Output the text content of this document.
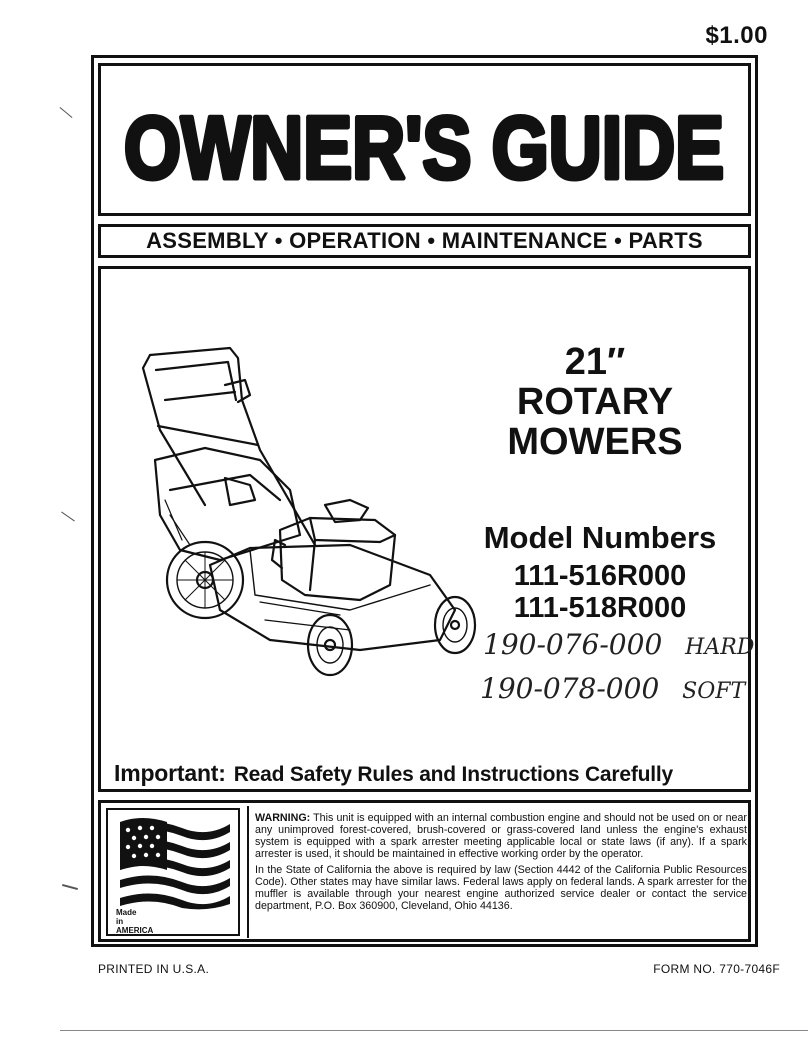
$1.00
OWNER'S GUIDE
ASSEMBLY • OPERATION • MAINTENANCE • PARTS
21″
ROTARY
MOWERS
Model Numbers
111-516R000
111-518R000
190-076-000 HARD
190-078-000 SOFT
Important: Read Safety Rules and Instructions Carefully
Made
in
AMERICA

WARNING: This unit is equipped with an internal combustion engine and should not be used on or near any unimproved forest-covered, brush-covered or grass-covered land unless the engine's exhaust system is equipped with a spark arrester meeting applicable local or state laws (if any). If a spark arrester is used, it should be maintained in effective working order by the operator.

In the State of California the above is required by law (Section 4442 of the California Public Resources Code). Other states may have similar laws. Federal laws apply on federal lands. A spark arrester for the muffler is available through your nearest engine authorized service dealer or contact the service department, P.O. Box 360900, Cleveland, Ohio 44136.

PRINTED IN U.S.A.	FORM NO. 770-7046F
